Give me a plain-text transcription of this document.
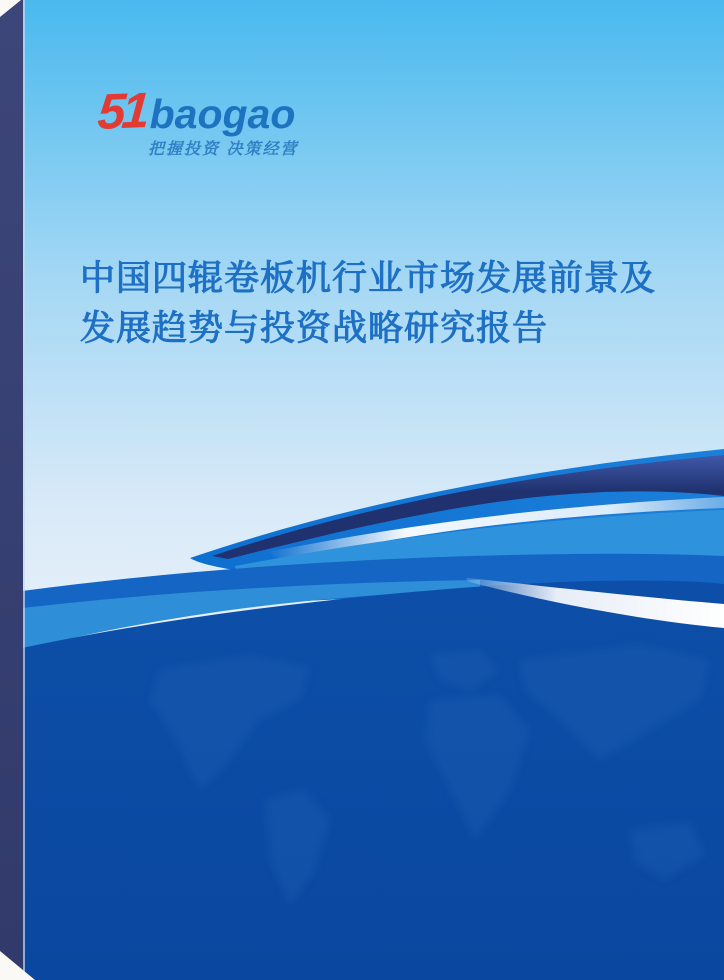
51 baogao
把握投资 决策经营
中国四辊卷板机行业市场发展前景及
发展趋势与投资战略研究报告
